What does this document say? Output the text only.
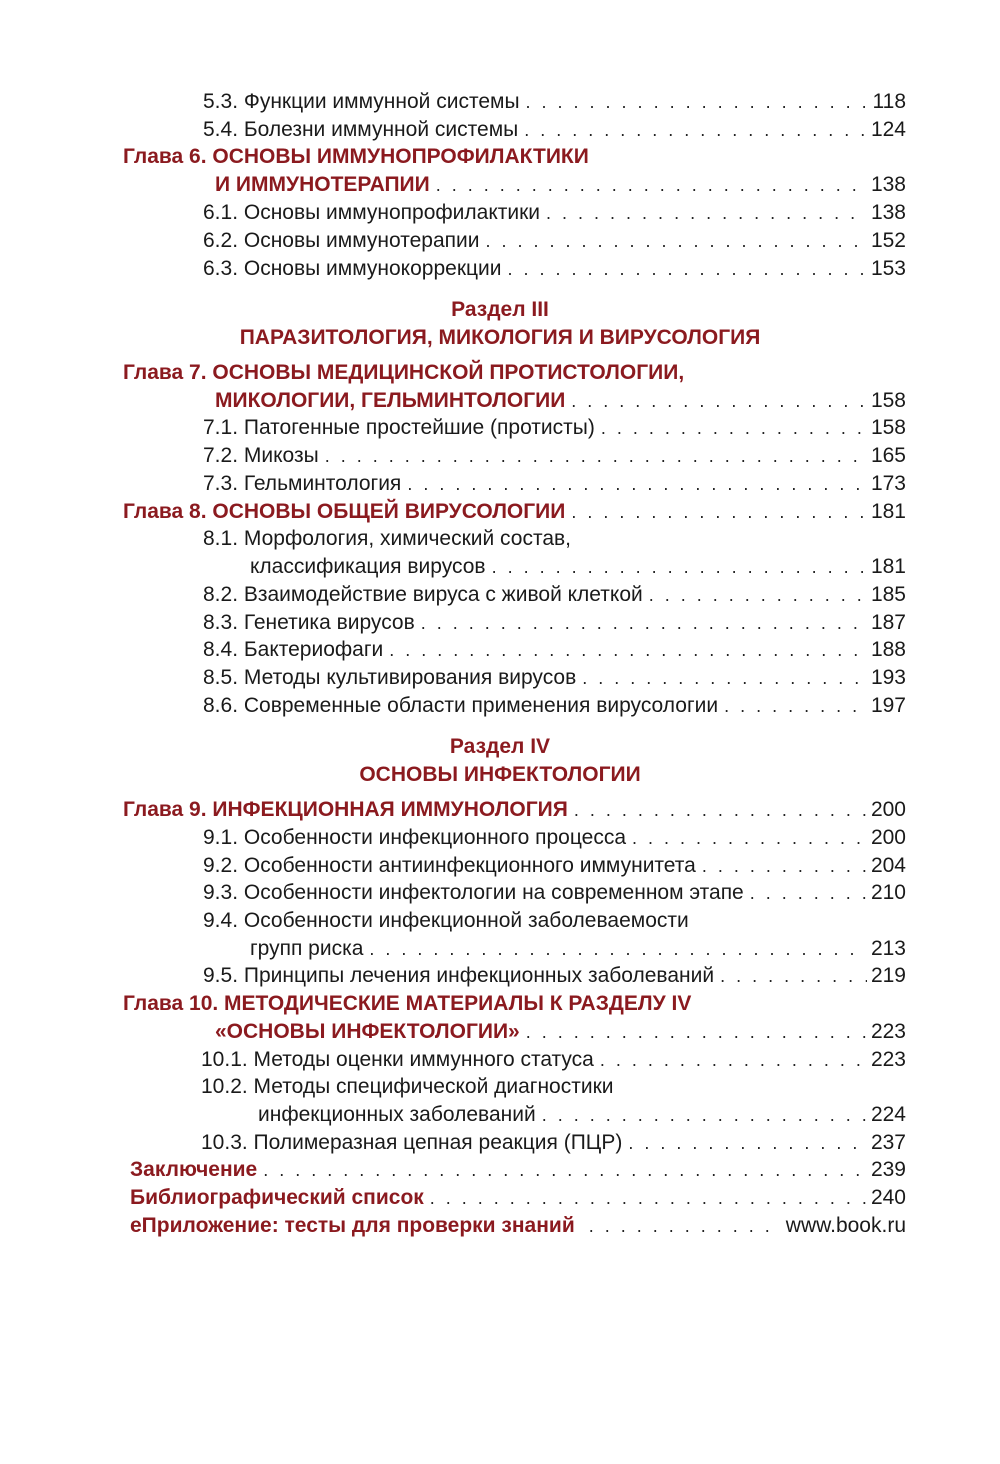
5.3. Функции иммунной системы . . .	118
5.4. Болезни иммунной системы . . .	124
Глава 6. ОСНОВЫ ИММУНОПРОФИЛАКТИКИ
И ИММУНОТЕРАПИИ . . .	138
6.1. Основы иммунопрофилактики . . .	138
6.2. Основы иммунотерапии . . .	152
6.3. Основы иммунокоррекции . . .	153
Раздел III
ПАРАЗИТОЛОГИЯ, МИКОЛОГИЯ И ВИРУСОЛОГИЯ
Глава 7. ОСНОВЫ МЕДИЦИНСКОЙ ПРОТИСТОЛОГИИ,
МИКОЛОГИИ, ГЕЛЬМИНТОЛОГИИ . . .	158
7.1. Патогенные простейшие (протисты) . . .	158
7.2. Микозы . . .	165
7.3. Гельминтология . . .	173
Глава 8. ОСНОВЫ ОБЩЕЙ ВИРУСОЛОГИИ . . .	181
8.1. Морфология, химический состав,
классификация вирусов . . .	181
8.2. Взаимодействие вируса с живой клеткой . . .	185
8.3. Генетика вирусов . . .	187
8.4. Бактериофаги . . .	188
8.5. Методы культивирования вирусов . . .	193
8.6. Современные области применения вирусологии . . .	197
Раздел IV
ОСНОВЫ ИНФЕКТОЛОГИИ
Глава 9. ИНФЕКЦИОННАЯ ИММУНОЛОГИЯ . . .	200
9.1. Особенности инфекционного процесса . . .	200
9.2. Особенности антиинфекционного иммунитета . . .	204
9.3. Особенности инфектологии на современном этапе . . .	210
9.4. Особенности инфекционной заболеваемости
групп риска . . .	213
9.5. Принципы лечения инфекционных заболеваний . . .	219
Глава 10. МЕТОДИЧЕСКИЕ МАТЕРИАЛЫ К РАЗДЕЛУ IV
«ОСНОВЫ ИНФЕКТОЛОГИИ» . . .	223
10.1. Методы оценки иммунного статуса . . .	223
10.2. Методы специфической диагностики
инфекционных заболеваний . . .	224
10.3. Полимеразная цепная реакция (ПЦР) . . .	237
Заключение . . .	239
Библиографический список . . .	240
еПриложение: тесты для проверки знаний . . .	www.book.ru
